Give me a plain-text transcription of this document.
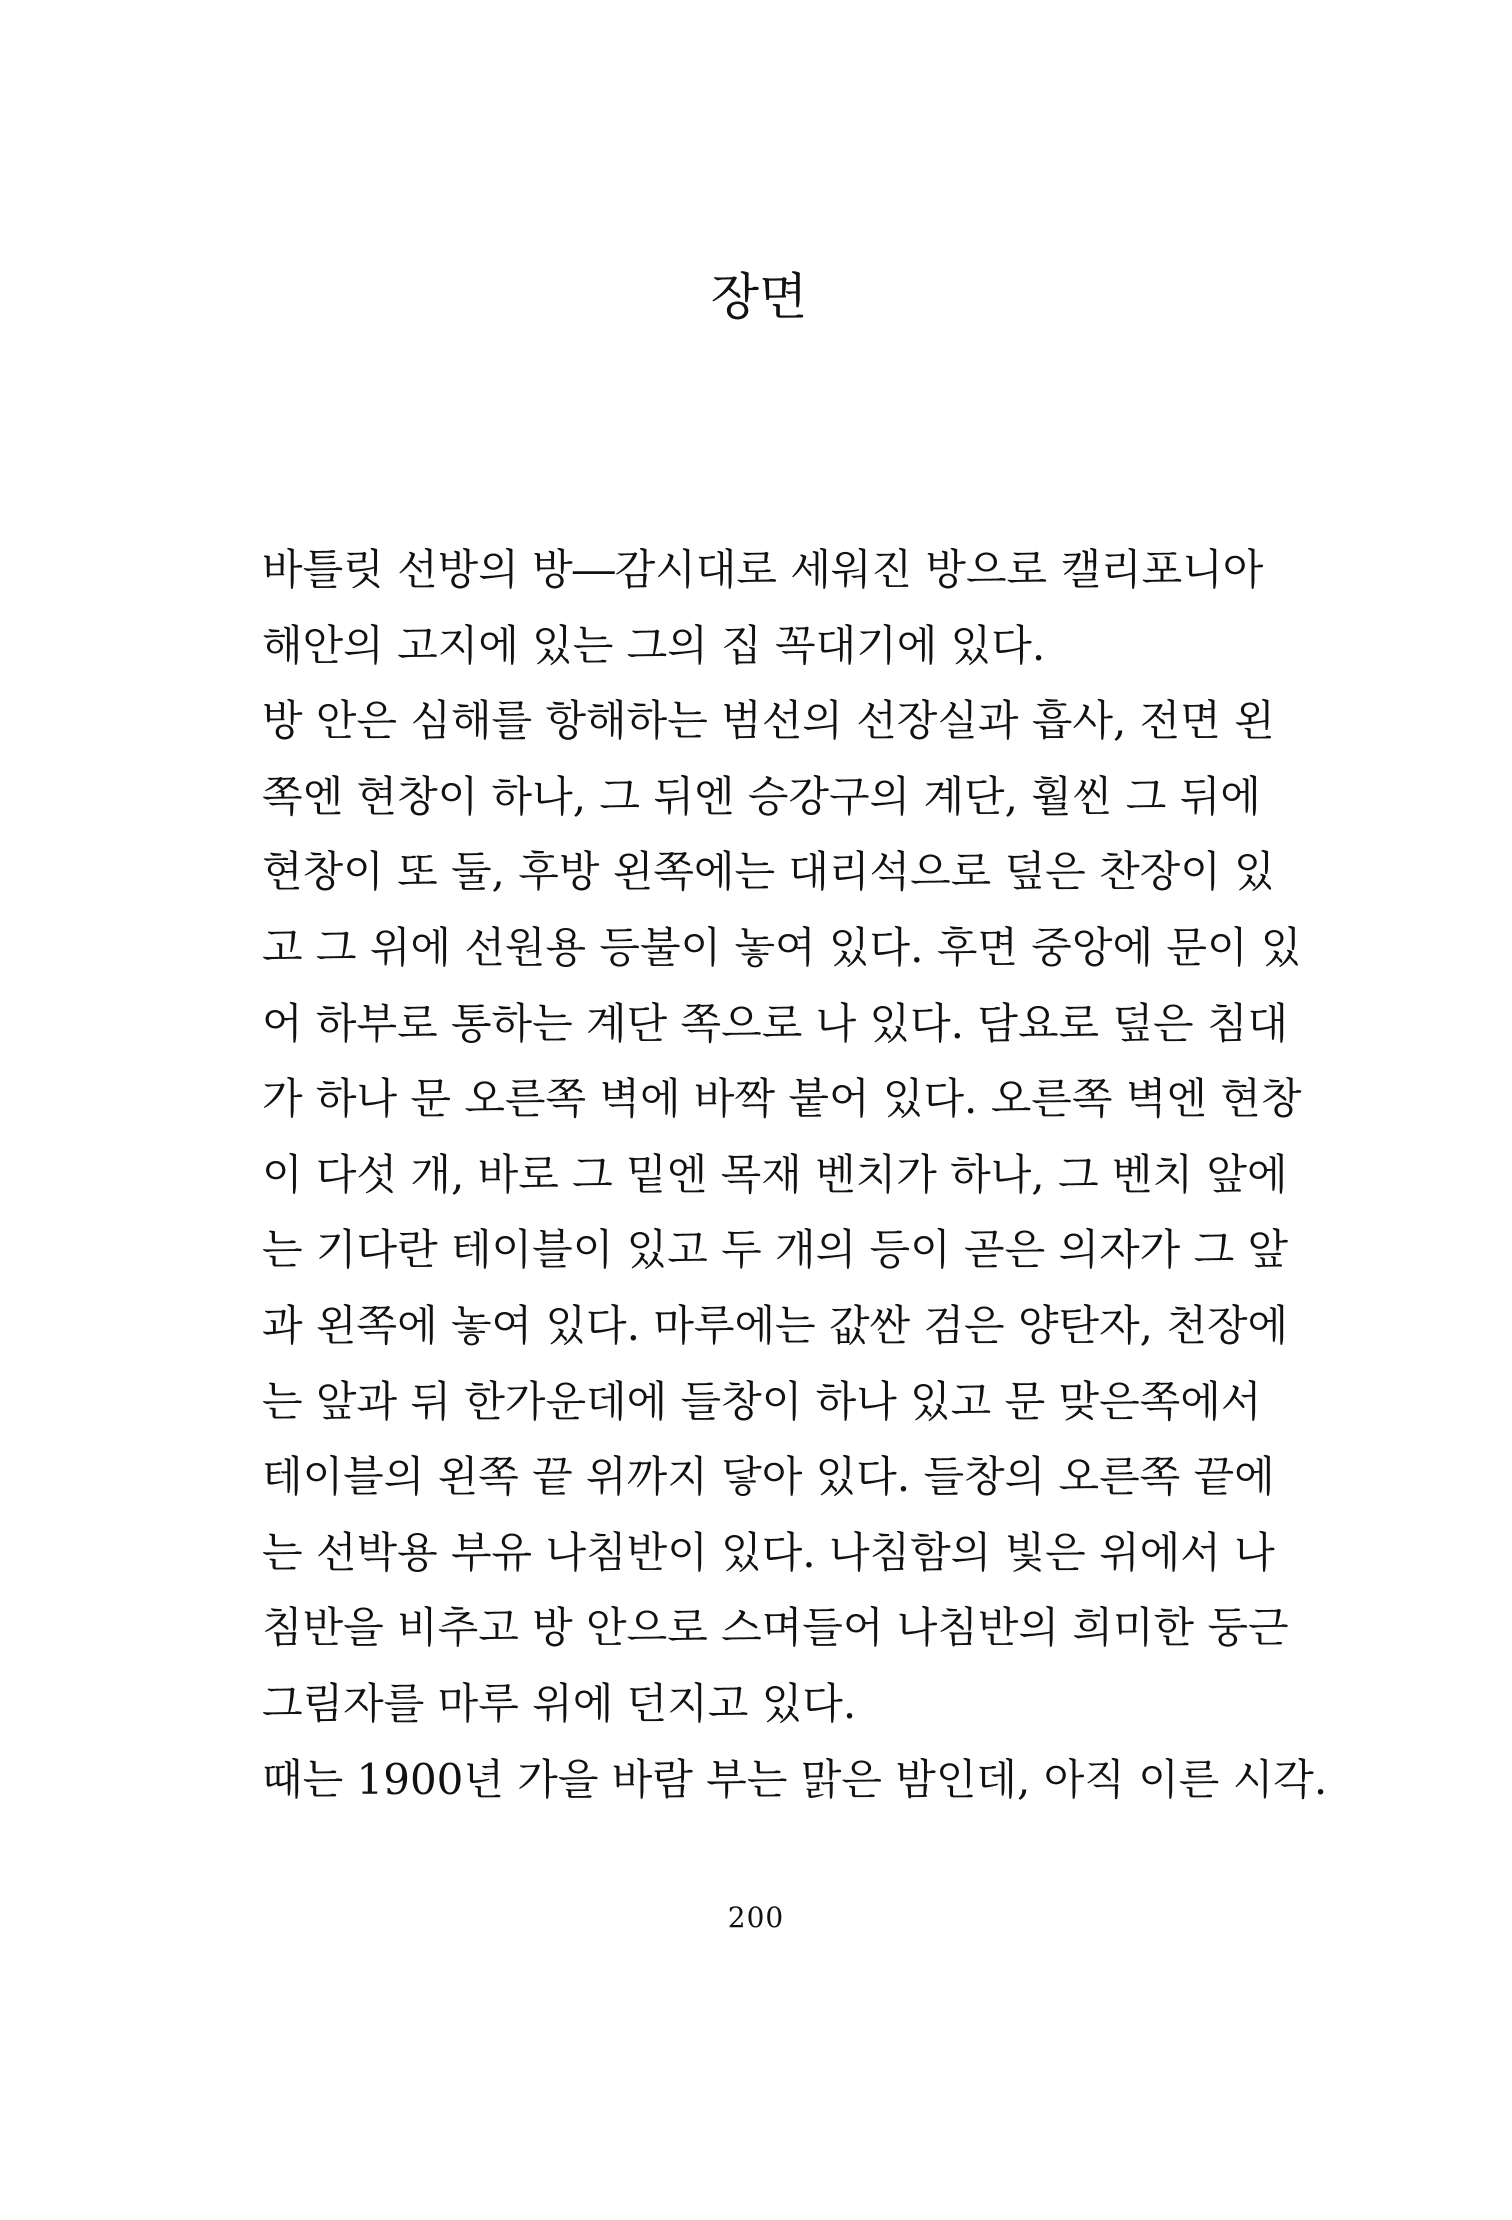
장면
바틀릿 선방의 방―감시대로 세워진 방으로 캘리포니아
해안의 고지에 있는 그의 집 꼭대기에 있다.
방 안은 심해를 항해하는 범선의 선장실과 흡사, 전면 왼
쪽엔 현창이 하나, 그 뒤엔 승강구의 계단, 훨씬 그 뒤에
현창이 또 둘, 후방 왼쪽에는 대리석으로 덮은 찬장이 있
고 그 위에 선원용 등불이 놓여 있다. 후면 중앙에 문이 있
어 하부로 통하는 계단 쪽으로 나 있다. 담요로 덮은 침대
가 하나 문 오른쪽 벽에 바짝 붙어 있다. 오른쪽 벽엔 현창
이 다섯 개, 바로 그 밑엔 목재 벤치가 하나, 그 벤치 앞에
는 기다란 테이블이 있고 두 개의 등이 곧은 의자가 그 앞
과 왼쪽에 놓여 있다. 마루에는 값싼 검은 양탄자, 천장에
는 앞과 뒤 한가운데에 들창이 하나 있고 문 맞은쪽에서
테이블의 왼쪽 끝 위까지 닿아 있다. 들창의 오른쪽 끝에
는 선박용 부유 나침반이 있다. 나침함의 빛은 위에서 나
침반을 비추고 방 안으로 스며들어 나침반의 희미한 둥근
그림자를 마루 위에 던지고 있다.
때는 1900년 가을 바람 부는 맑은 밤인데, 아직 이른 시각.
200
